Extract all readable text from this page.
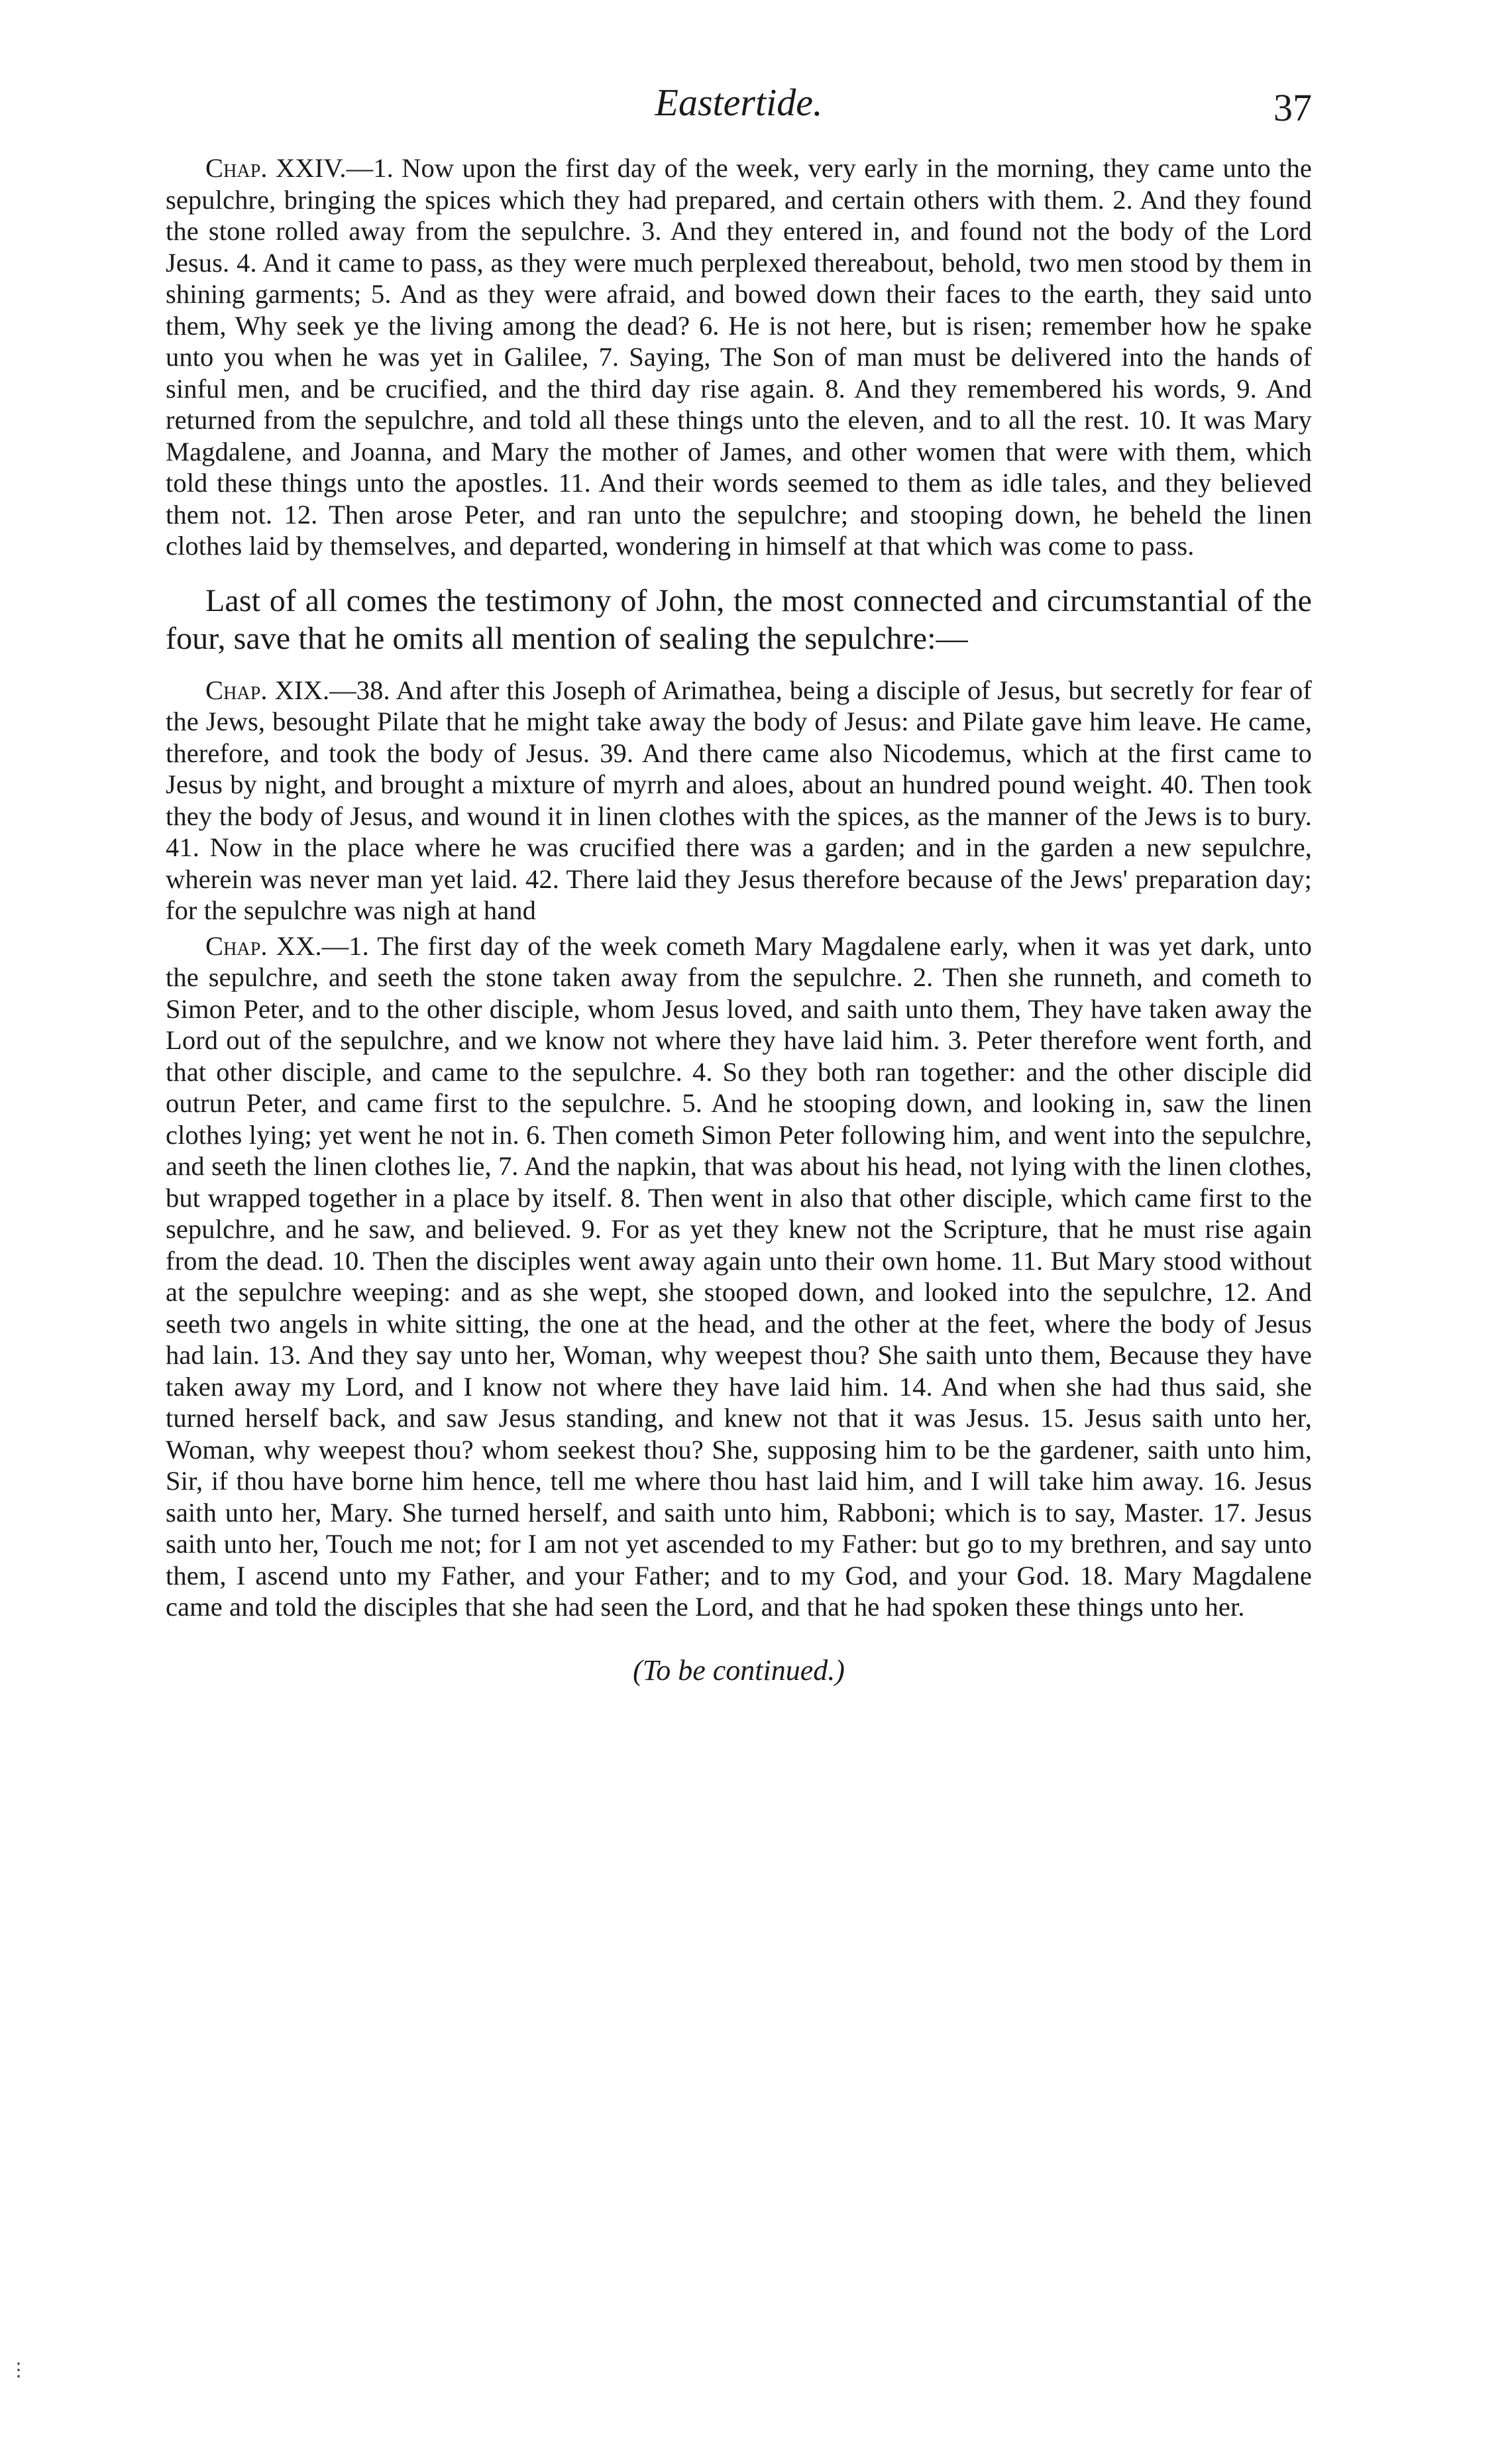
Eastertide.	37

Chap. XXIV.—1. Now upon the first day of the week, very early in the morning, they came unto the sepulchre, bringing the spices which they had prepared, and certain others with them. 2. And they found the stone rolled away from the sepulchre. 3. And they entered in, and found not the body of the Lord Jesus. 4. And it came to pass, as they were much perplexed thereabout, behold, two men stood by them in shining garments; 5. And as they were afraid, and bowed down their faces to the earth, they said unto them, Why seek ye the living among the dead? 6. He is not here, but is risen; remember how he spake unto you when he was yet in Galilee, 7. Saying, The Son of man must be delivered into the hands of sinful men, and be crucified, and the third day rise again. 8. And they remembered his words, 9. And returned from the sepulchre, and told all these things unto the eleven, and to all the rest. 10. It was Mary Magdalene, and Joanna, and Mary the mother of James, and other women that were with them, which told these things unto the apostles. 11. And their words seemed to them as idle tales, and they believed them not. 12. Then arose Peter, and ran unto the sepulchre; and stooping down, he beheld the linen clothes laid by themselves, and departed, wondering in himself at that which was come to pass.

Last of all comes the testimony of John, the most connected and circumstantial of the four, save that he omits all mention of sealing the sepulchre:—

Chap. XIX.—38. And after this Joseph of Arimathea, being a disciple of Jesus, but secretly for fear of the Jews, besought Pilate that he might take away the body of Jesus: and Pilate gave him leave. He came, therefore, and took the body of Jesus. 39. And there came also Nicodemus, which at the first came to Jesus by night, and brought a mixture of myrrh and aloes, about an hundred pound weight. 40. Then took they the body of Jesus, and wound it in linen clothes with the spices, as the manner of the Jews is to bury. 41. Now in the place where he was crucified there was a garden; and in the garden a new sepulchre, wherein was never man yet laid. 42. There laid they Jesus therefore because of the Jews' preparation day; for the sepulchre was nigh at hand

Chap. XX.—1. The first day of the week cometh Mary Magdalene early, when it was yet dark, unto the sepulchre, and seeth the stone taken away from the sepulchre. 2. Then she runneth, and cometh to Simon Peter, and to the other disciple, whom Jesus loved, and saith unto them, They have taken away the Lord out of the sepulchre, and we know not where they have laid him. 3. Peter therefore went forth, and that other disciple, and came to the sepulchre. 4. So they both ran together: and the other disciple did outrun Peter, and came first to the sepulchre. 5. And he stooping down, and looking in, saw the linen clothes lying; yet went he not in. 6. Then cometh Simon Peter following him, and went into the sepulchre, and seeth the linen clothes lie, 7. And the napkin, that was about his head, not lying with the linen clothes, but wrapped together in a place by itself. 8. Then went in also that other disciple, which came first to the sepulchre, and he saw, and believed. 9. For as yet they knew not the Scripture, that he must rise again from the dead. 10. Then the disciples went away again unto their own home. 11. But Mary stood without at the sepulchre weeping: and as she wept, she stooped down, and looked into the sepulchre, 12. And seeth two angels in white sitting, the one at the head, and the other at the feet, where the body of Jesus had lain. 13. And they say unto her, Woman, why weepest thou? She saith unto them, Because they have taken away my Lord, and I know not where they have laid him. 14. And when she had thus said, she turned herself back, and saw Jesus standing, and knew not that it was Jesus. 15. Jesus saith unto her, Woman, why weepest thou? whom seekest thou? She, supposing him to be the gardener, saith unto him, Sir, if thou have borne him hence, tell me where thou hast laid him, and I will take him away. 16. Jesus saith unto her, Mary. She turned herself, and saith unto him, Rabboni; which is to say, Master. 17. Jesus saith unto her, Touch me not; for I am not yet ascended to my Father: but go to my brethren, and say unto them, I ascend unto my Father, and your Father; and to my God, and your God. 18. Mary Magdalene came and told the disciples that she had seen the Lord, and that he had spoken these things unto her.

(To be continued.)
⋮
